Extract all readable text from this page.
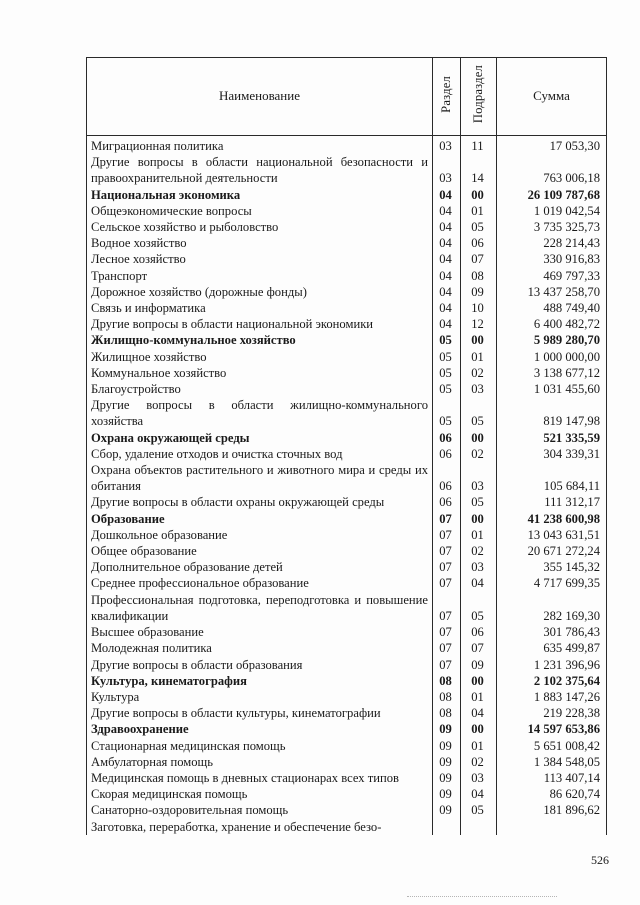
Наименование	Раздел	Подраздел	Сумма
Миграционная политика	03	11	17 053,30
Другие вопросы в области национальной безопасности и правоохранительной деятельности	03	14	763 006,18
Национальная экономика	04	00	26 109 787,68
Общеэкономические вопросы	04	01	1 019 042,54
Сельское хозяйство и рыболовство	04	05	3 735 325,73
Водное хозяйство	04	06	228 214,43
Лесное хозяйство	04	07	330 916,83
Транспорт	04	08	469 797,33
Дорожное хозяйство (дорожные фонды)	04	09	13 437 258,70
Связь и информатика	04	10	488 749,40
Другие вопросы в области национальной экономики	04	12	6 400 482,72
Жилищно-коммунальное хозяйство	05	00	5 989 280,70
Жилищное хозяйство	05	01	1 000 000,00
Коммунальное хозяйство	05	02	3 138 677,12
Благоустройство	05	03	1 031 455,60
Другие вопросы в области жилищно-коммунального хозяйства	05	05	819 147,98
Охрана окружающей среды	06	00	521 335,59
Сбор, удаление отходов и очистка сточных вод	06	02	304 339,31
Охрана объектов растительного и животного мира и среды их обитания	06	03	105 684,11
Другие вопросы в области охраны окружающей среды	06	05	111 312,17
Образование	07	00	41 238 600,98
Дошкольное образование	07	01	13 043 631,51
Общее образование	07	02	20 671 272,24
Дополнительное образование детей	07	03	355 145,32
Среднее профессиональное образование	07	04	4 717 699,35
Профессиональная подготовка, переподготовка и повышение квалификации	07	05	282 169,30
Высшее образование	07	06	301 786,43
Молодежная политика	07	07	635 499,87
Другие вопросы в области образования	07	09	1 231 396,96
Культура, кинематография	08	00	2 102 375,64
Культура	08	01	1 883 147,26
Другие вопросы в области культуры, кинематографии	08	04	219 228,38
Здравоохранение	09	00	14 597 653,86
Стационарная медицинская помощь	09	01	5 651 008,42
Амбулаторная помощь	09	02	1 384 548,05
Медицинская помощь в дневных стационарах всех типов	09	03	113 407,14
Скорая медицинская помощь	09	04	86 620,74
Санаторно-оздоровительная помощь	09	05	181 896,62
Заготовка, переработка, хранение и обеспечение безо-			
526
